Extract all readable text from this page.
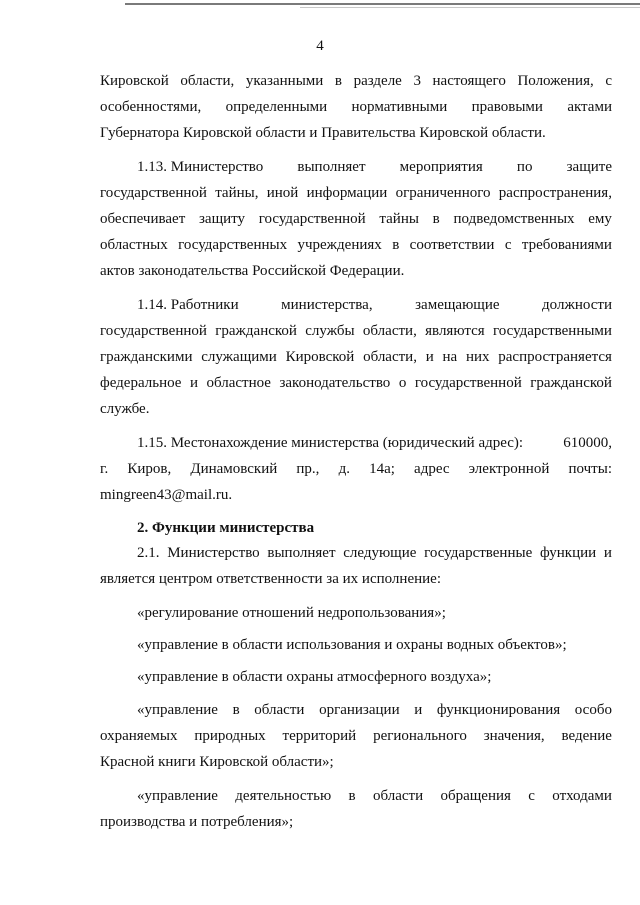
4
Кировской области, указанными в разделе 3 настоящего Положения, с
особенностями, определенными нормативными правовыми актами
Губернатора Кировской области и Правительства Кировской области.
1.13. Министерство выполняет мероприятия по защите
государственной тайны, иной информации ограниченного распространения,
обеспечивает защиту государственной тайны в подведомственных ему
областных государственных учреждениях в соответствии с требованиями
актов законодательства Российской Федерации.
1.14. Работники	министерства,	замещающие	должности
государственной гражданской службы области, являются государственными
гражданскими служащими Кировской области, и на них распространяется
федеральное и областное законодательство о государственной гражданской
службе.
1.15. Местонахождение министерства (юридический адрес):	610000,
г. Киров, Динамовский пр., д. 14а; адрес электронной почты:
mingreen43@mail.ru.
2. Функции министерства
2.1. Министерство выполняет следующие государственные функции и
является центром ответственности за их исполнение:
«регулирование отношений недропользования»;
«управление в области использования и охраны водных объектов»;
«управление в области охраны атмосферного воздуха»;
«управление в области организации и функционирования особо
охраняемых природных территорий регионального значения, ведение
Красной книги Кировской области»;
«управление деятельностью в области обращения с отходами
производства и потребления»;
